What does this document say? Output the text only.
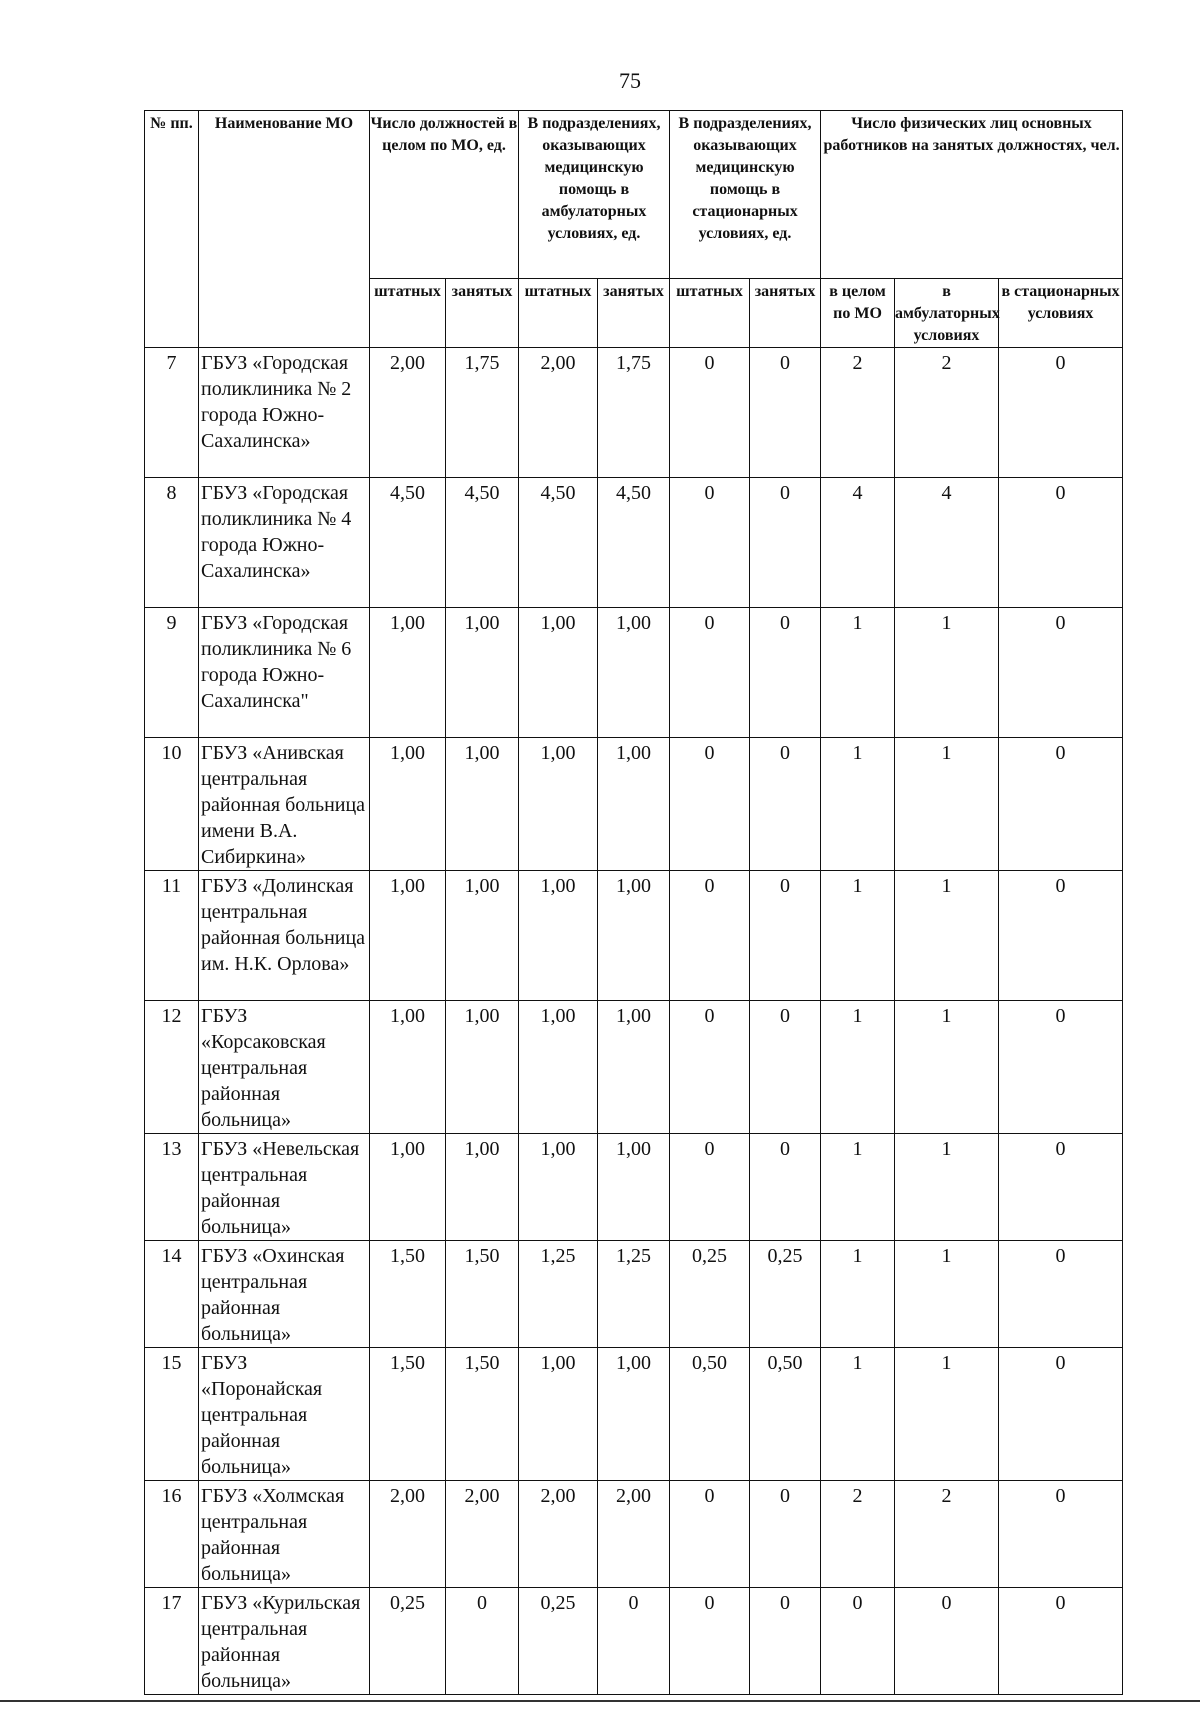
75
№ пп.	Наименование МО	Число должностей в целом по МО, ед.		В подразделениях, оказывающих медицинскую помощь в амбулаторных условиях, ед.		В подразделениях, оказывающих медицинскую помощь в стационарных условиях, ед.		Число физических лиц основных работников на занятых должностях, чел.		
		штатных	занятых	штатных	занятых	штатных	занятых	в целом по МО	в амбулаторных условиях	в стационарных условиях
7	ГБУЗ «Городская поликлиника № 2 города Южно-Сахалинска»	2,00	1,75	2,00	1,75	0	0	2	2	0
8	ГБУЗ «Городская поликлиника № 4 города Южно-Сахалинска»	4,50	4,50	4,50	4,50	0	0	4	4	0
9	ГБУЗ «Городская поликлиника № 6 города Южно-Сахалинска"	1,00	1,00	1,00	1,00	0	0	1	1	0
10	ГБУЗ «Анивская центральная районная больница имени В.А. Сибиркина»	1,00	1,00	1,00	1,00	0	0	1	1	0
11	ГБУЗ «Долинская центральная районная больница им. Н.К. Орлова»	1,00	1,00	1,00	1,00	0	0	1	1	0
12	ГБУЗ «Корсаковская центральная районная больница»	1,00	1,00	1,00	1,00	0	0	1	1	0
13	ГБУЗ «Невельская центральная районная больница»	1,00	1,00	1,00	1,00	0	0	1	1	0
14	ГБУЗ «Охинская центральная районная больница»	1,50	1,50	1,25	1,25	0,25	0,25	1	1	0
15	ГБУЗ «Поронайская центральная районная больница»	1,50	1,50	1,00	1,00	0,50	0,50	1	1	0
16	ГБУЗ «Холмская центральная районная больница»	2,00	2,00	2,00	2,00	0	0	2	2	0
17	ГБУЗ «Курильская центральная районная больница»	0,25	0	0,25	0	0	0	0	0	0
